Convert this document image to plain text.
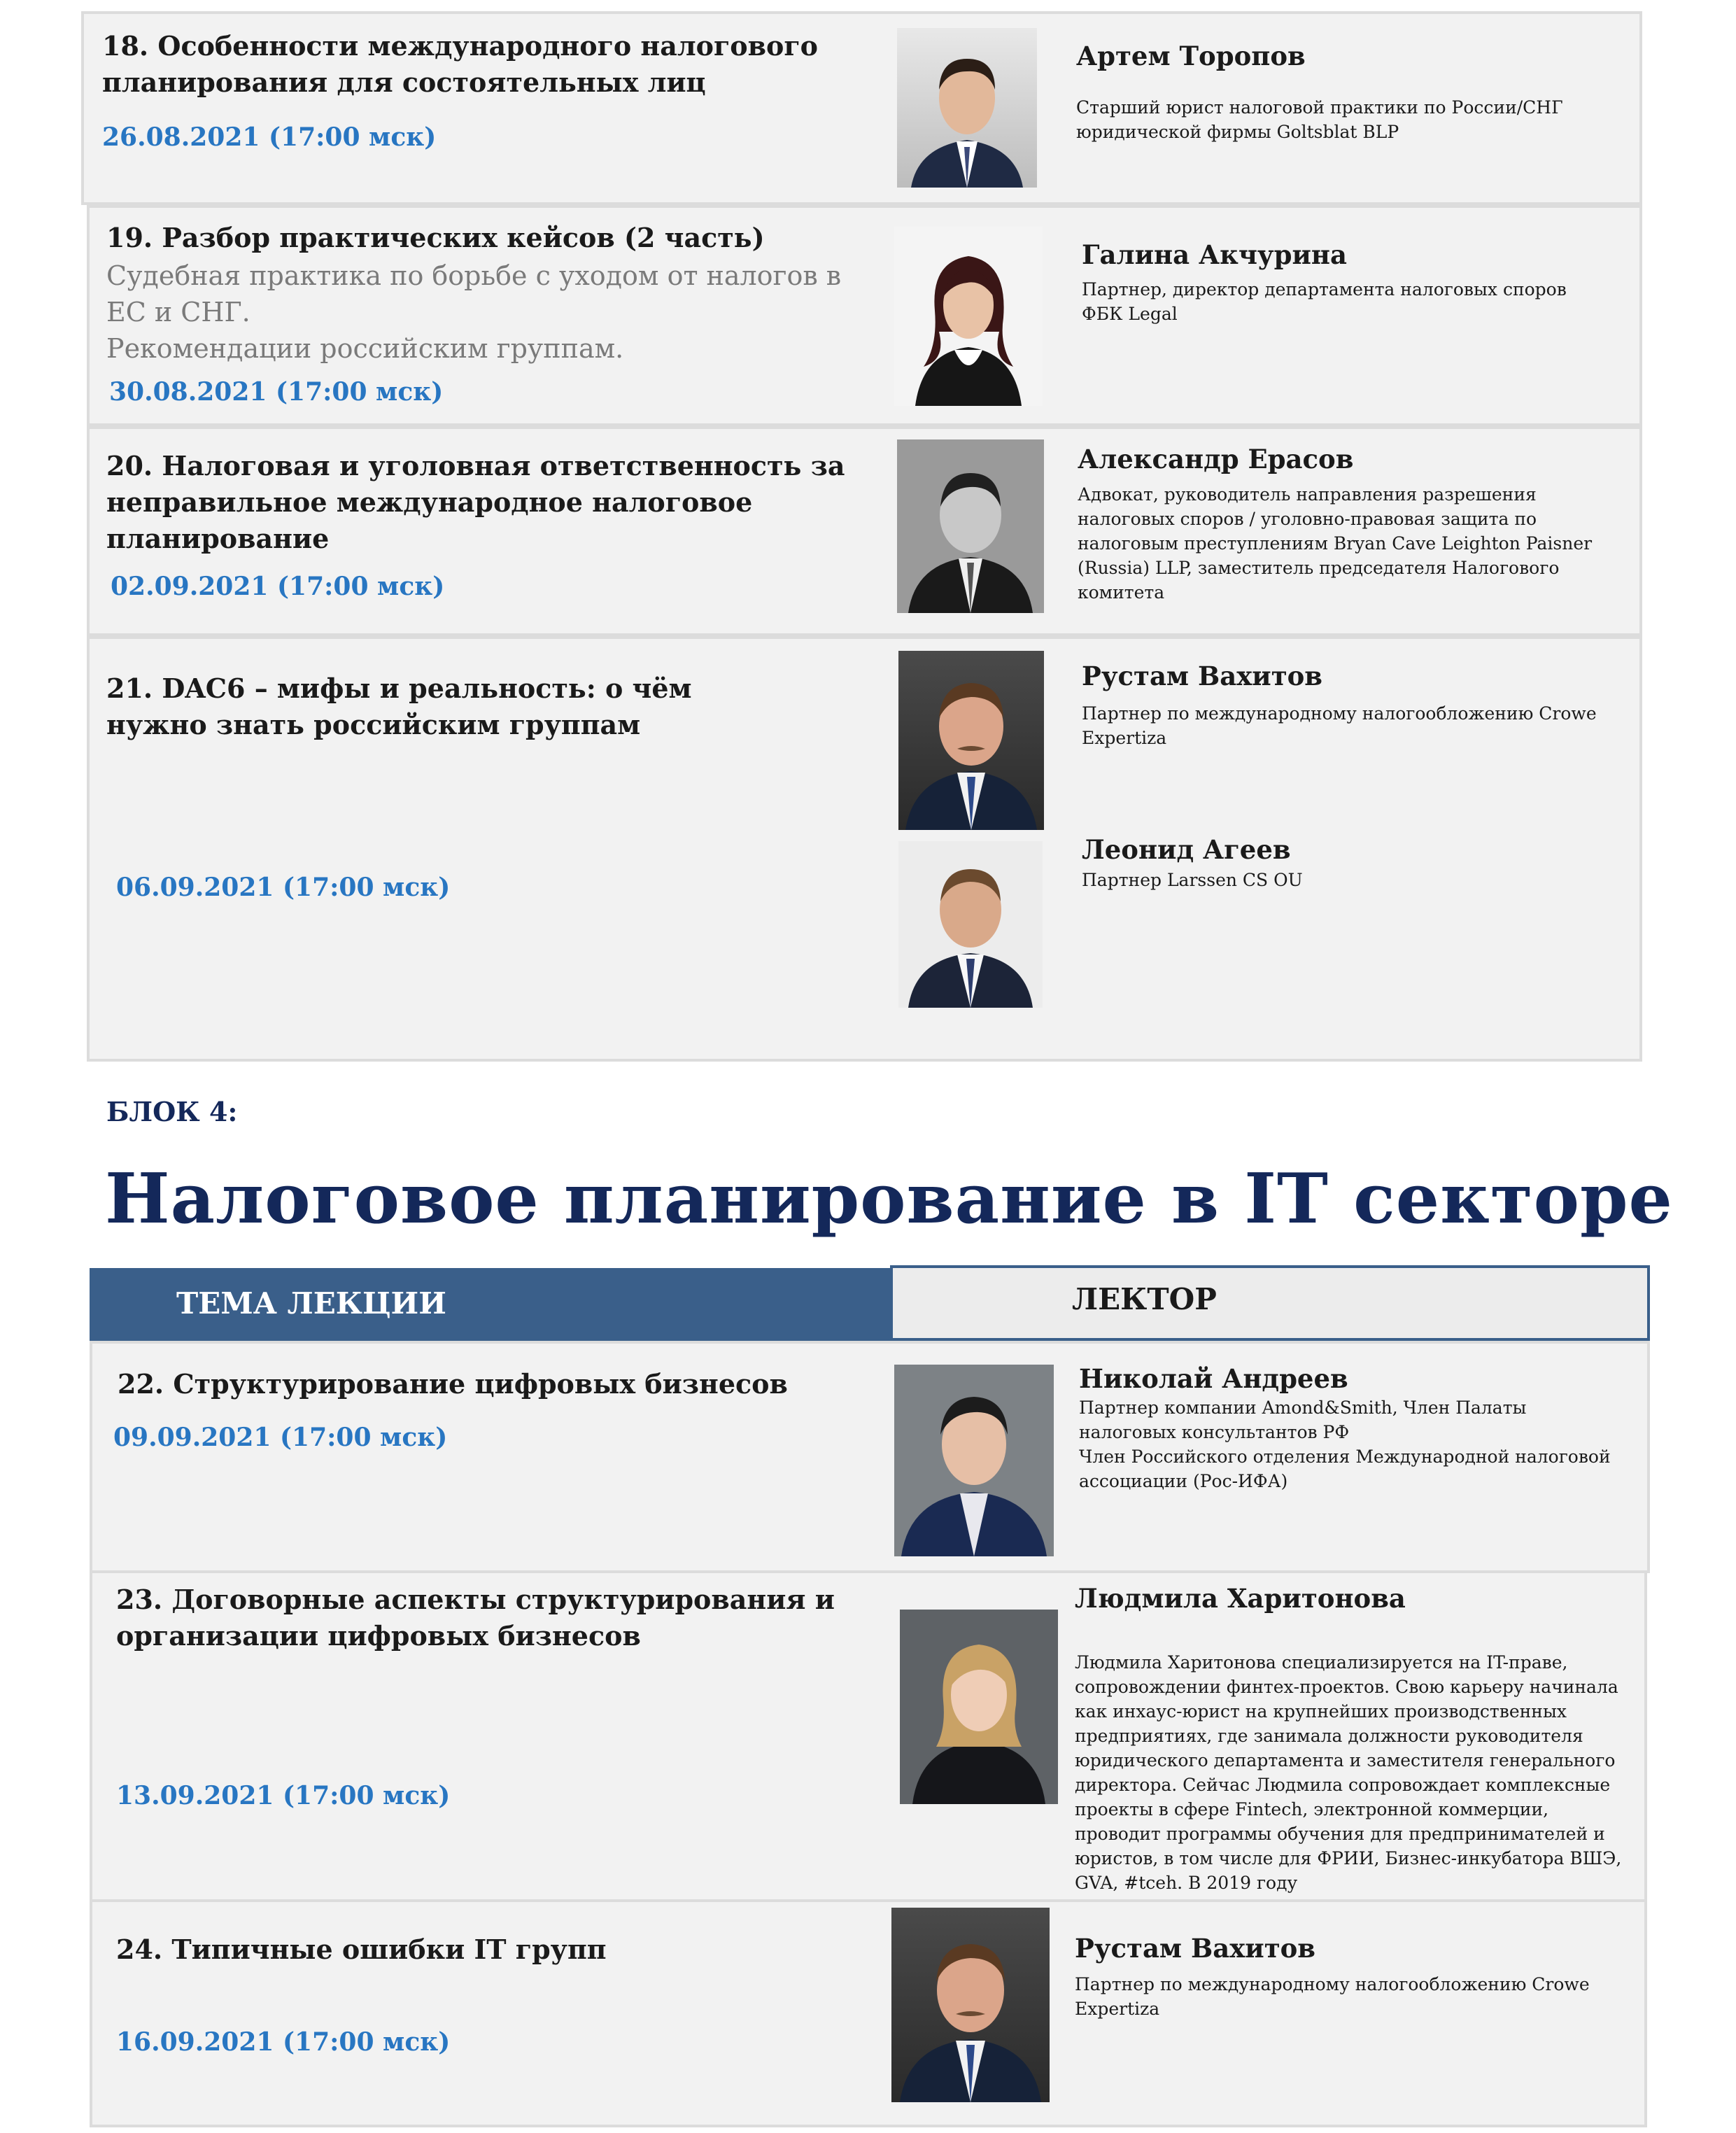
18. Особенности международного налогового
планирования для состоятельных лиц
26.08.2021 (17:00 мск)
Артем Торопов
Старший юрист налоговой практики по России/СНГ
юридической фирмы Goltsblat BLP
19. Разбор практических кейсов (2 часть)
Судебная практика по борьбе с уходом от налогов в
ЕС и СНГ.
Рекомендации российским группам.
30.08.2021 (17:00 мск)
Галина Акчурина
Партнер, директор департамента налоговых споров
ФБК Legal
20. Налоговая и уголовная ответственность за
неправильное международное налоговое
планирование
02.09.2021 (17:00 мск)
Александр Ерасов
Адвокат, руководитель направления разрешения
налоговых споров / уголовно-правовая защита по
налоговым преступлениям Bryan Cave Leighton Paisner
(Russia) LLP, заместитель председателя Налогового
комитета
21. DAC6 – мифы и реальность: о чём
нужно знать российским группам
06.09.2021 (17:00 мск)
Рустам Вахитов
Партнер по международному налогообложению Crowe
Expertiza
Леонид Агеев
Партнер Larssen CS OU
БЛОК 4:
Налоговое планирование в IT секторе
ТЕМА ЛЕКЦИИ	ЛЕКТОР
22. Структурирование цифровых бизнесов
09.09.2021 (17:00 мск)
Николай Андреев
Партнер компании Amond&Smith, Член Палаты
налоговых консультантов РФ
Член Российского отделения Международной налоговой
ассоциации (Рос-ИФА)
23. Договорные аспекты структурирования и
организации цифровых бизнесов
13.09.2021 (17:00 мск)
Людмила Харитонова
Людмила Харитонова специализируется на IT-праве,
сопровождении финтех-проектов. Свою карьеру начинала
как инхаус-юрист на крупнейших производственных
предприятиях, где занимала должности руководителя
юридического департамента и заместителя генерального
директора. Сейчас Людмила сопровождает комплексные
проекты в сфере Fintech, электронной коммерции,
проводит программы обучения для предпринимателей и
юристов, в том числе для ФРИИ, Бизнес-инкубатора ВШЭ,
GVA, #tceh. В 2019 году
24. Типичные ошибки IT групп
16.09.2021 (17:00 мск)
Рустам Вахитов
Партнер по международному налогообложению Crowe
Expertiza
